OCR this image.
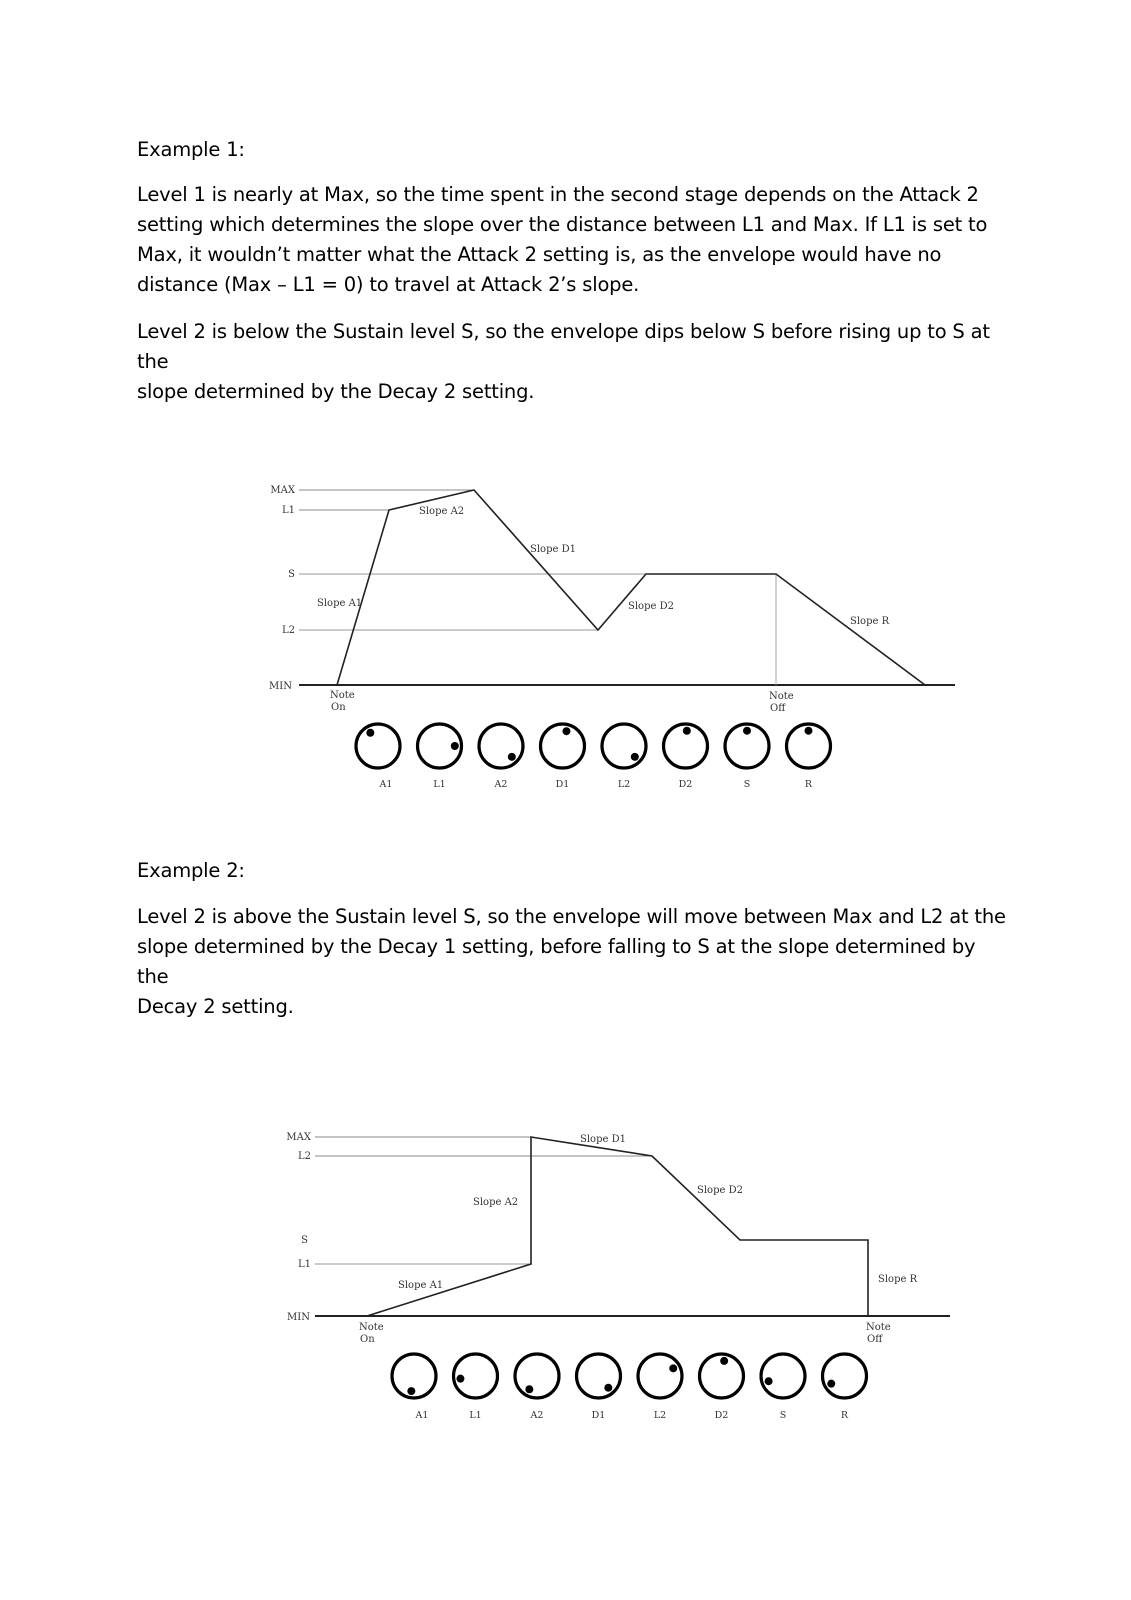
Example 1:

Level 1 is nearly at Max, so the time spent in the second stage depends on the Attack 2

setting which determines the slope over the distance between L1 and Max. If L1 is set to

Max, it wouldn’t matter what the Attack 2 setting is, as the envelope would have no

distance (Max – L1 = 0) to travel at Attack 2’s slope.

Level 2 is below the Sustain level S, so the envelope dips below S before rising up to S at the

slope determined by the Decay 2 setting.

MAX
L1
S
L2
MIN
Slope A1
Slope A2
Slope D1
Slope D2
Slope R
Note
On
Note
Off
A1	L1	A2	D1	L2	D2	S	R
Example 2:

Level 2 is above the Sustain level S, so the envelope will move between Max and L2 at the

slope determined by the Decay 1 setting, before falling to S at the slope determined by the

Decay 2 setting.

MAX
L2
S
L1
MIN
Slope A1
Slope A2
Slope D1
Slope D2
Slope R
Note
On
Note
Off
A1	L1	A2	D1	L2	D2	S	R
